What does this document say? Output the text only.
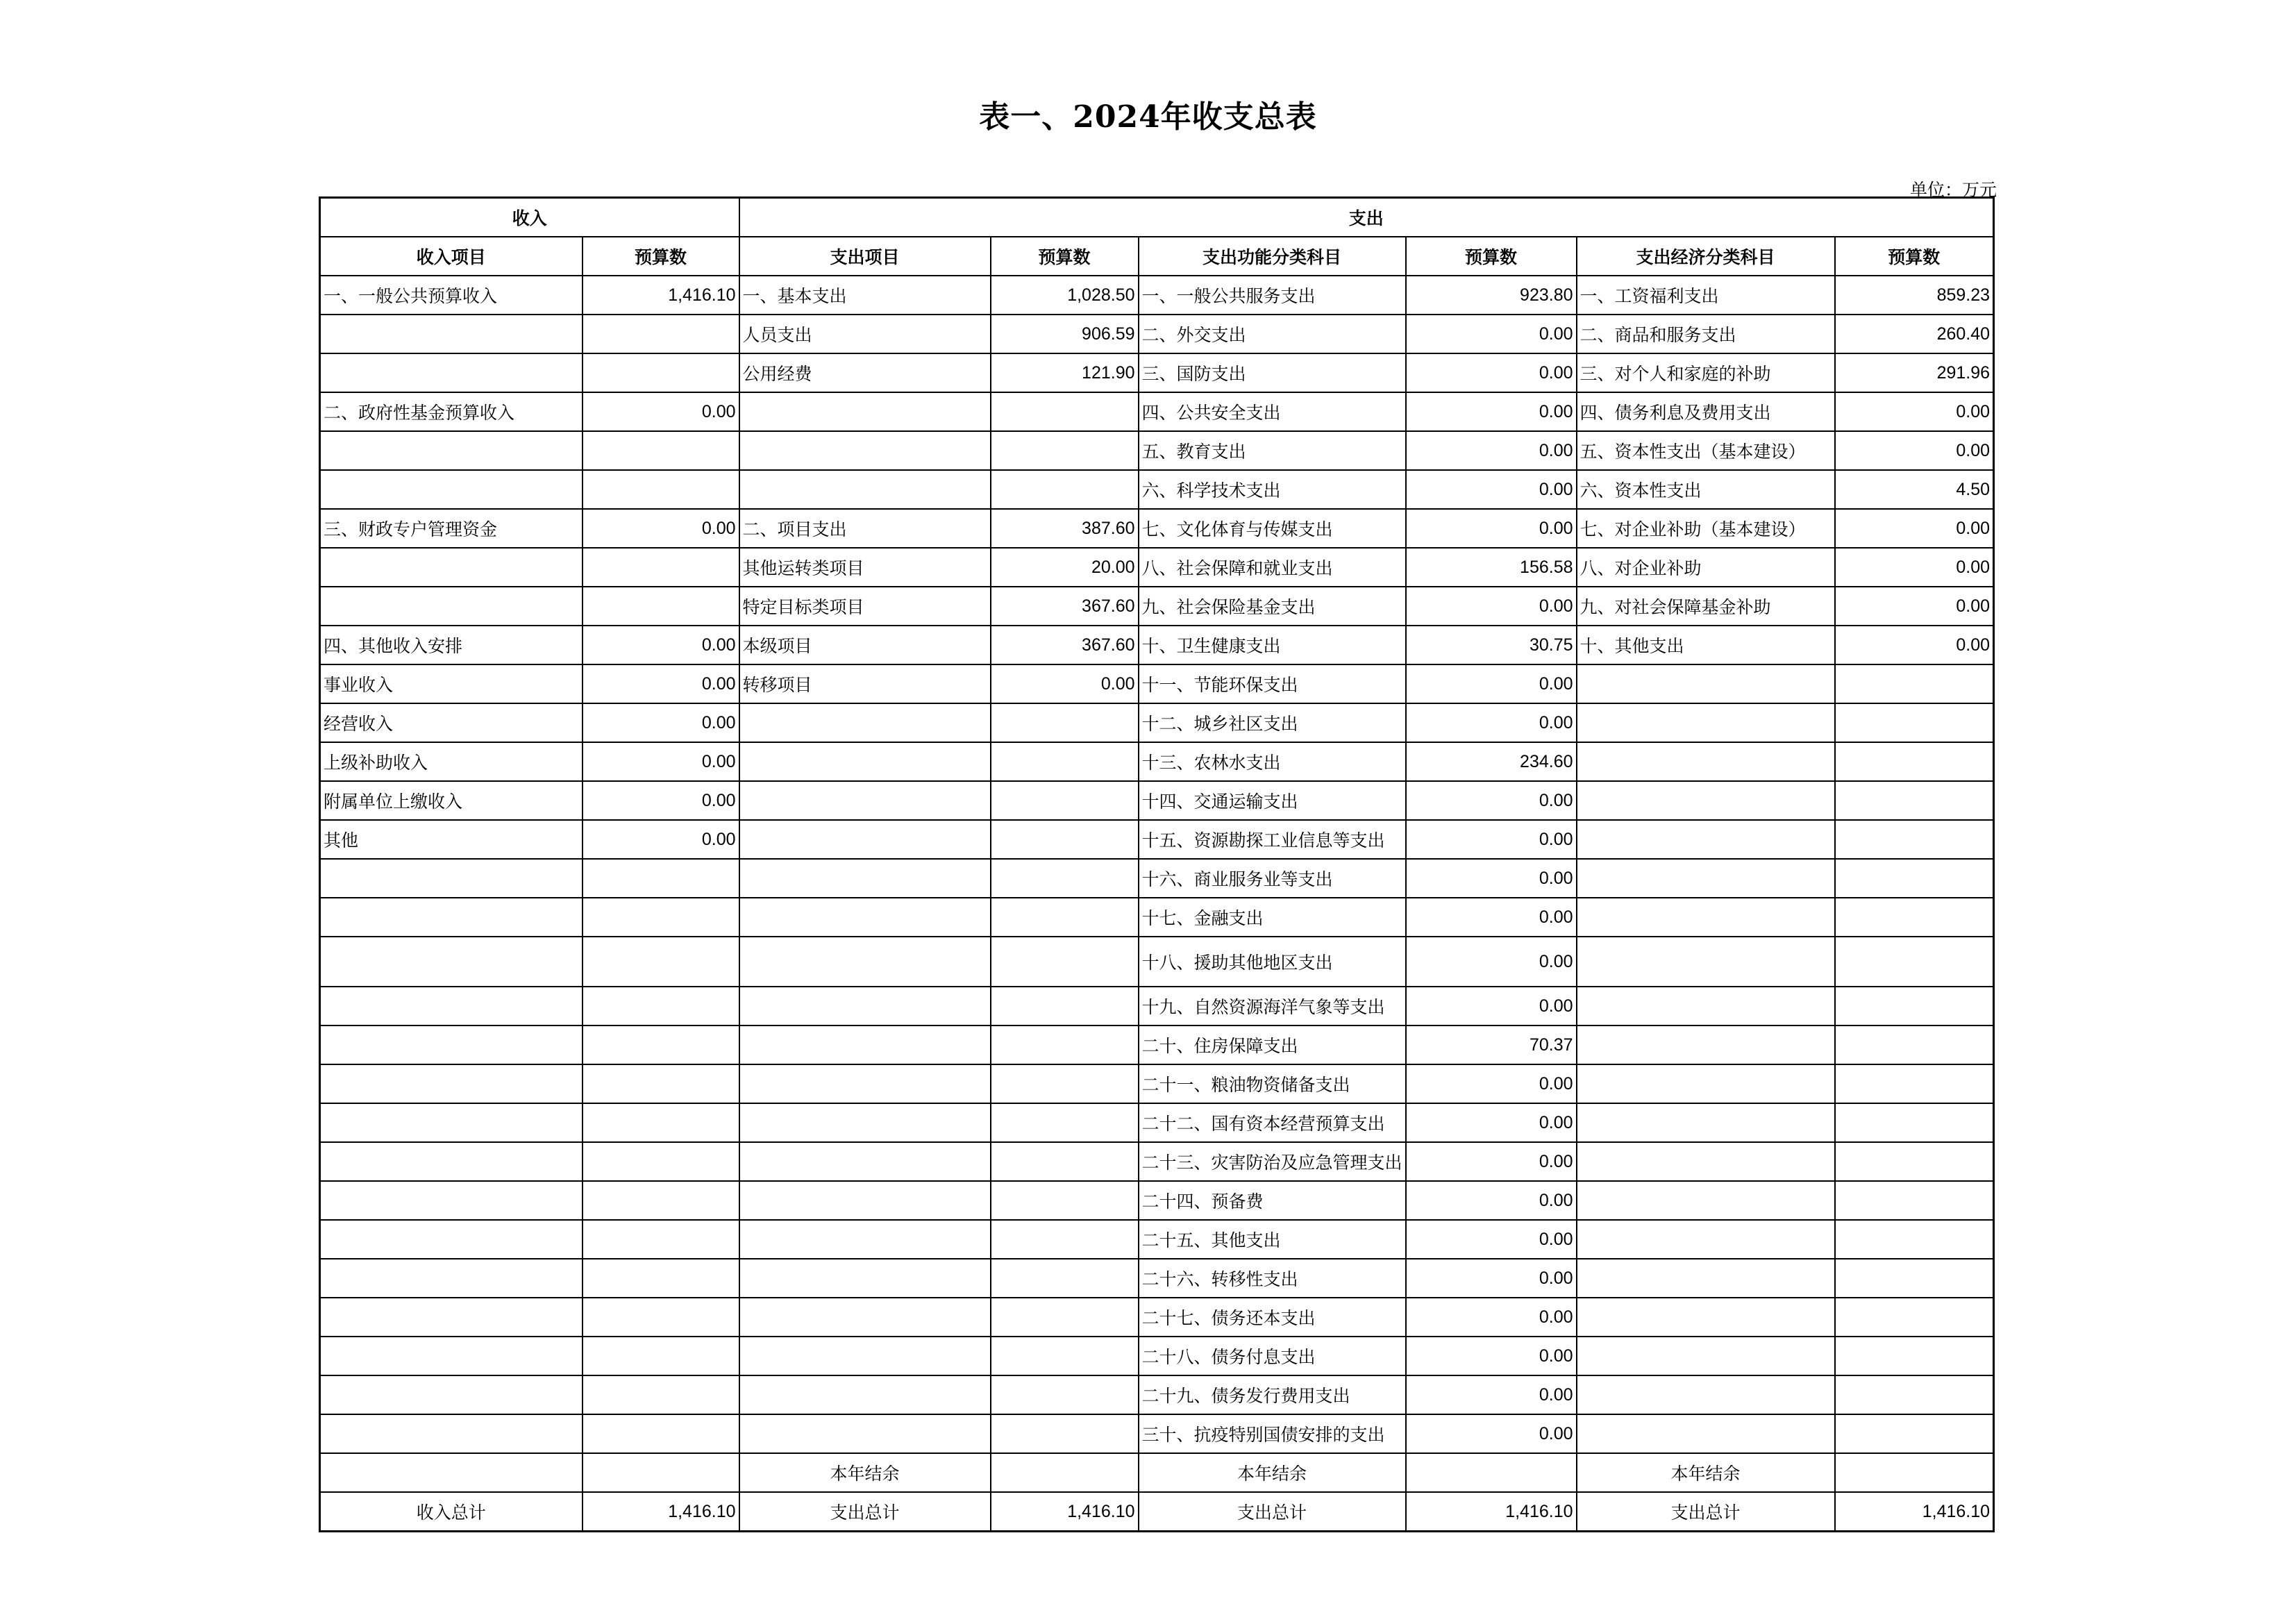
表一、2024年收支总表
单位：万元
收入		支出					
收入项目	预算数	支出项目	预算数	支出功能分类科目	预算数	支出经济分类科目	预算数
一、一般公共预算收入	1,416.10	一、基本支出	1,028.50	一、一般公共服务支出	923.80	一、工资福利支出	859.23
		人员支出	906.59	二、外交支出	0.00	二、商品和服务支出	260.40
		公用经费	121.90	三、国防支出	0.00	三、对个人和家庭的补助	291.96
二、政府性基金预算收入	0.00			四、公共安全支出	0.00	四、债务利息及费用支出	0.00
				五、教育支出	0.00	五、资本性支出（基本建设）	0.00
				六、科学技术支出	0.00	六、资本性支出	4.50
三、财政专户管理资金	0.00	二、项目支出	387.60	七、文化体育与传媒支出	0.00	七、对企业补助（基本建设）	0.00
		其他运转类项目	20.00	八、社会保障和就业支出	156.58	八、对企业补助	0.00
		特定目标类项目	367.60	九、社会保险基金支出	0.00	九、对社会保障基金补助	0.00
四、其他收入安排	0.00	本级项目	367.60	十、卫生健康支出	30.75	十、其他支出	0.00
事业收入	0.00	转移项目	0.00	十一、节能环保支出	0.00		
经营收入	0.00			十二、城乡社区支出	0.00		
上级补助收入	0.00			十三、农林水支出	234.60		
附属单位上缴收入	0.00			十四、交通运输支出	0.00		
其他	0.00			十五、资源勘探工业信息等支出	0.00		
				十六、商业服务业等支出	0.00		
				十七、金融支出	0.00		
				十八、援助其他地区支出	0.00		
				十九、自然资源海洋气象等支出	0.00		
				二十、住房保障支出	70.37		
				二十一、粮油物资储备支出	0.00		
				二十二、国有资本经营预算支出	0.00		
				二十三、灾害防治及应急管理支出	0.00		
				二十四、预备费	0.00		
				二十五、其他支出	0.00		
				二十六、转移性支出	0.00		
				二十七、债务还本支出	0.00		
				二十八、债务付息支出	0.00		
				二十九、债务发行费用支出	0.00		
				三十、抗疫特别国债安排的支出	0.00		
		本年结余		本年结余		本年结余	
收入总计	1,416.10	支出总计	1,416.10	支出总计	1,416.10	支出总计	1,416.10
